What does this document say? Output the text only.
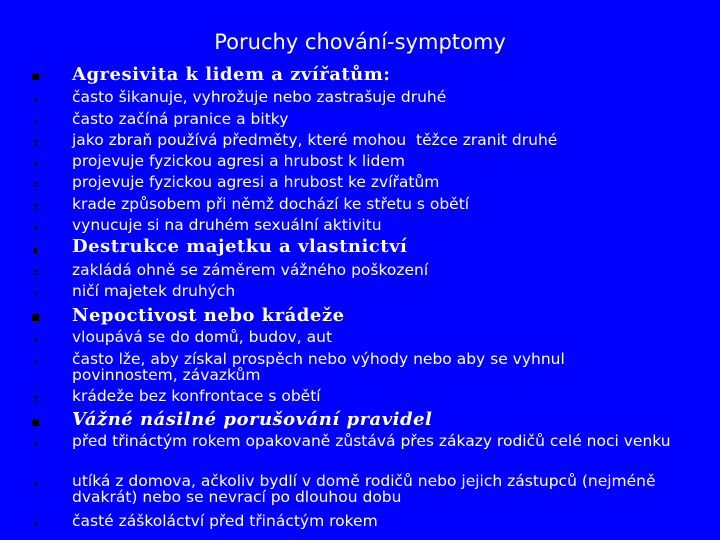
Poruchy chování-symptomy
Agresivita k lidem a zvířatům:
často šikanuje, vyhrožuje nebo zastrašuje druhé
často začíná pranice a bitky
jako zbraň používá předměty, které mohou  těžce zranit druhé
projevuje fyzickou agresi a hrubost k lidem
projevuje fyzickou agresi a hrubost ke zvířatům
krade způsobem při němž dochází ke střetu s obětí
vynucuje si na druhém sexuální aktivitu
Destrukce majetku a vlastnictví
zakládá ohně se záměrem vážného poškození
ničí majetek druhých
Nepoctivost nebo krádeže
vloupává se do domů, budov, aut
často lže, aby získal prospěch nebo výhody nebo aby se vyhnul povinnostem, závazkům
krádeže bez konfrontace s obětí
Vážné násilné porušování pravidel
před třináctým rokem opakovaně zůstává přes zákazy rodičů celé noci venku
utíká z domova, ačkoliv bydlí v domě rodičů nebo jejich zástupců (nejméně dvakrát) nebo se nevrací po dlouhou dobu
časté záškoláctví před třináctým rokem
